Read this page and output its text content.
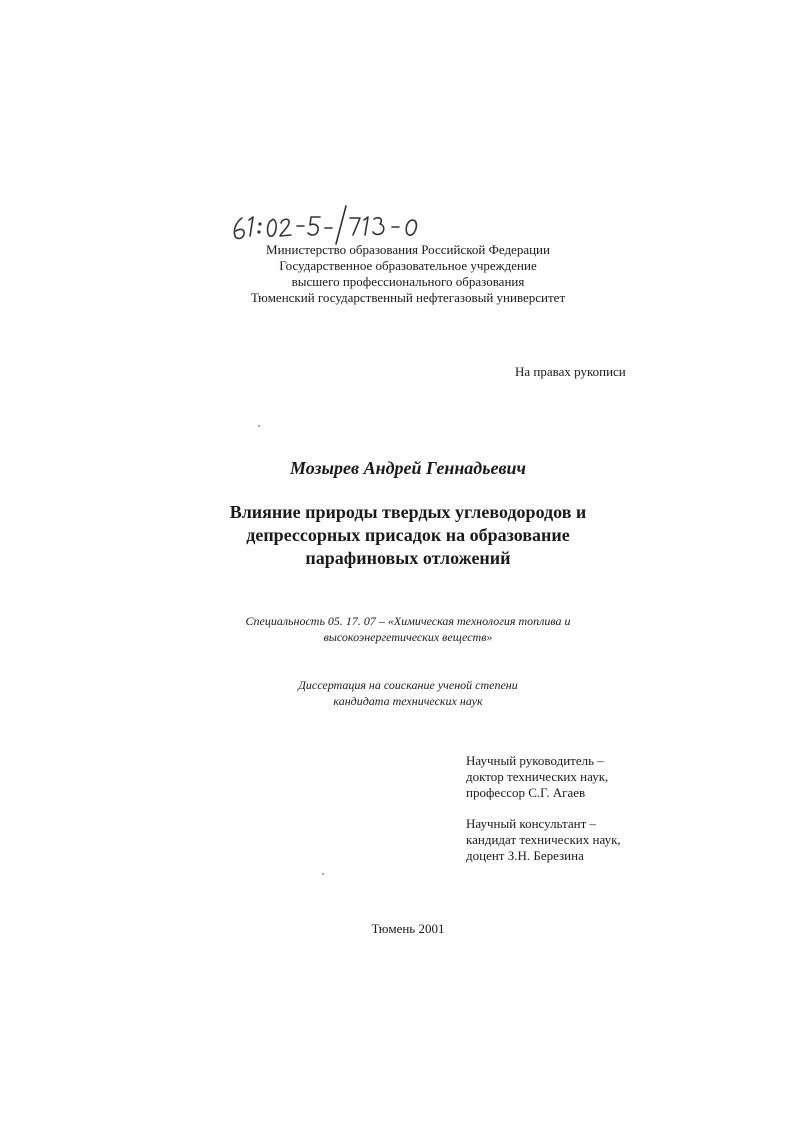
Министерство образования Российской Федерации
Государственное образовательное учреждение
высшего профессионального образования
Тюменский государственный нефтегазовый университет
На правах рукописи
Мозырев Андрей Геннадьевич
Влияние природы твердых углеводородов и
депрессорных присадок на образование
парафиновых отложений
Специальность 05. 17. 07 – «Химическая технология топлива и
высокоэнергетических веществ»
Диссертация на соискание ученой степени
кандидата технических наук
Научный руководитель –
доктор технических наук,
профессор С.Г. Агаев
Научный консультант –
кандидат технических наук,
доцент З.Н. Березина
Тюмень 2001
